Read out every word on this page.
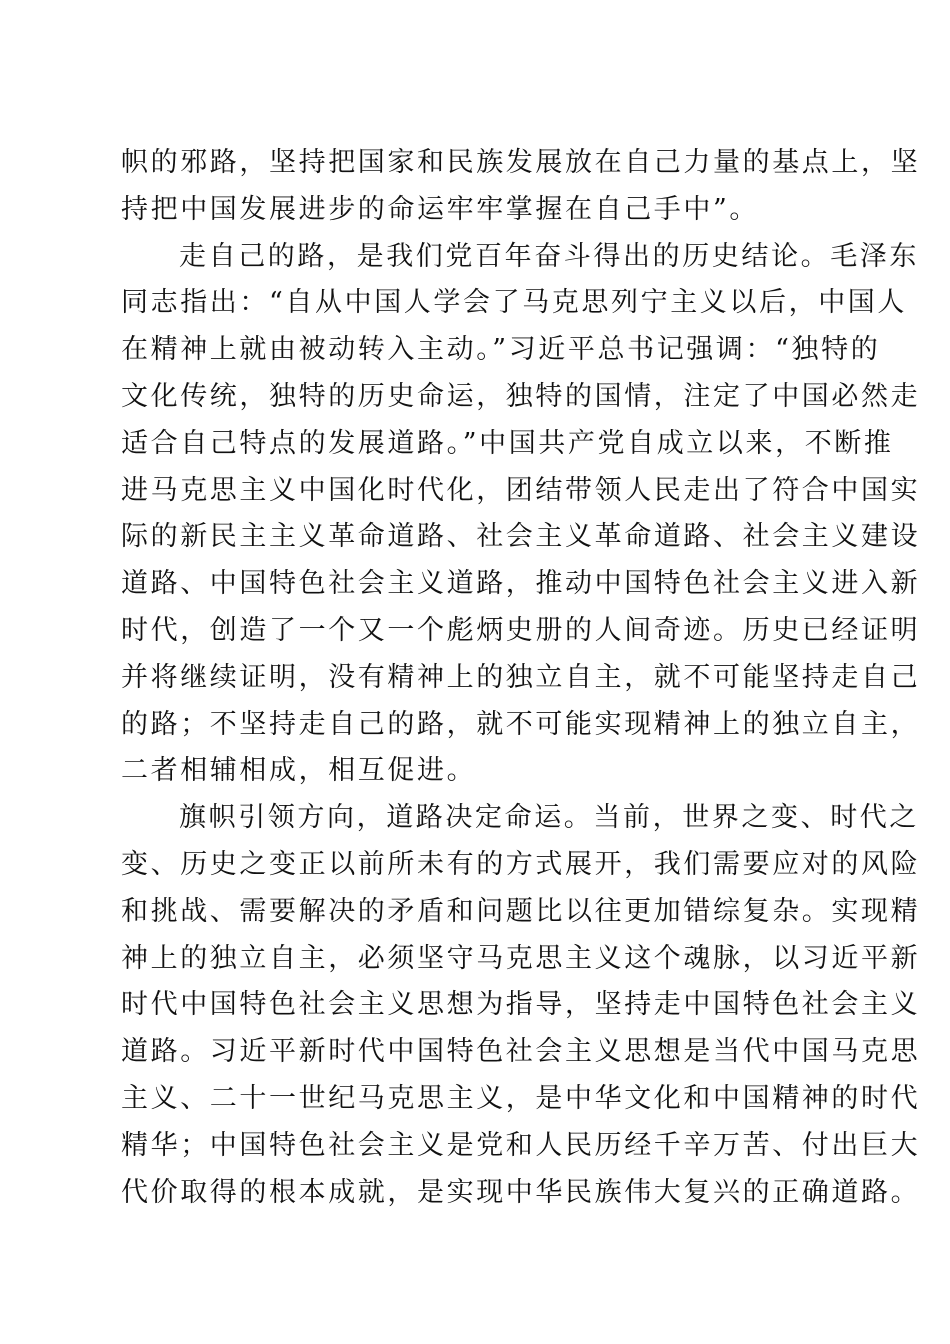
帜的邪路，坚持把国家和民族发展放在自己力量的基点上，坚
持把中国发展进步的命运牢牢掌握在自己手中”。
走自己的路，是我们党百年奋斗得出的历史结论。毛泽东
同志指出：“自从中国人学会了马克思列宁主义以后，中国人
在精神上就由被动转入主动。”习近平总书记强调：“独特的
文化传统，独特的历史命运，独特的国情，注定了中国必然走
适合自己特点的发展道路。”中国共产党自成立以来，不断推
进马克思主义中国化时代化，团结带领人民走出了符合中国实
际的新民主主义革命道路、社会主义革命道路、社会主义建设
道路、中国特色社会主义道路，推动中国特色社会主义进入新
时代，创造了一个又一个彪炳史册的人间奇迹。历史已经证明
并将继续证明，没有精神上的独立自主，就不可能坚持走自己
的路；不坚持走自己的路，就不可能实现精神上的独立自主，
二者相辅相成，相互促进。
旗帜引领方向，道路决定命运。当前，世界之变、时代之
变、历史之变正以前所未有的方式展开，我们需要应对的风险
和挑战、需要解决的矛盾和问题比以往更加错综复杂。实现精
神上的独立自主，必须坚守马克思主义这个魂脉，以习近平新
时代中国特色社会主义思想为指导，坚持走中国特色社会主义
道路。习近平新时代中国特色社会主义思想是当代中国马克思
主义、二十一世纪马克思主义，是中华文化和中国精神的时代
精华；中国特色社会主义是党和人民历经千辛万苦、付出巨大
代价取得的根本成就，是实现中华民族伟大复兴的正确道路。
